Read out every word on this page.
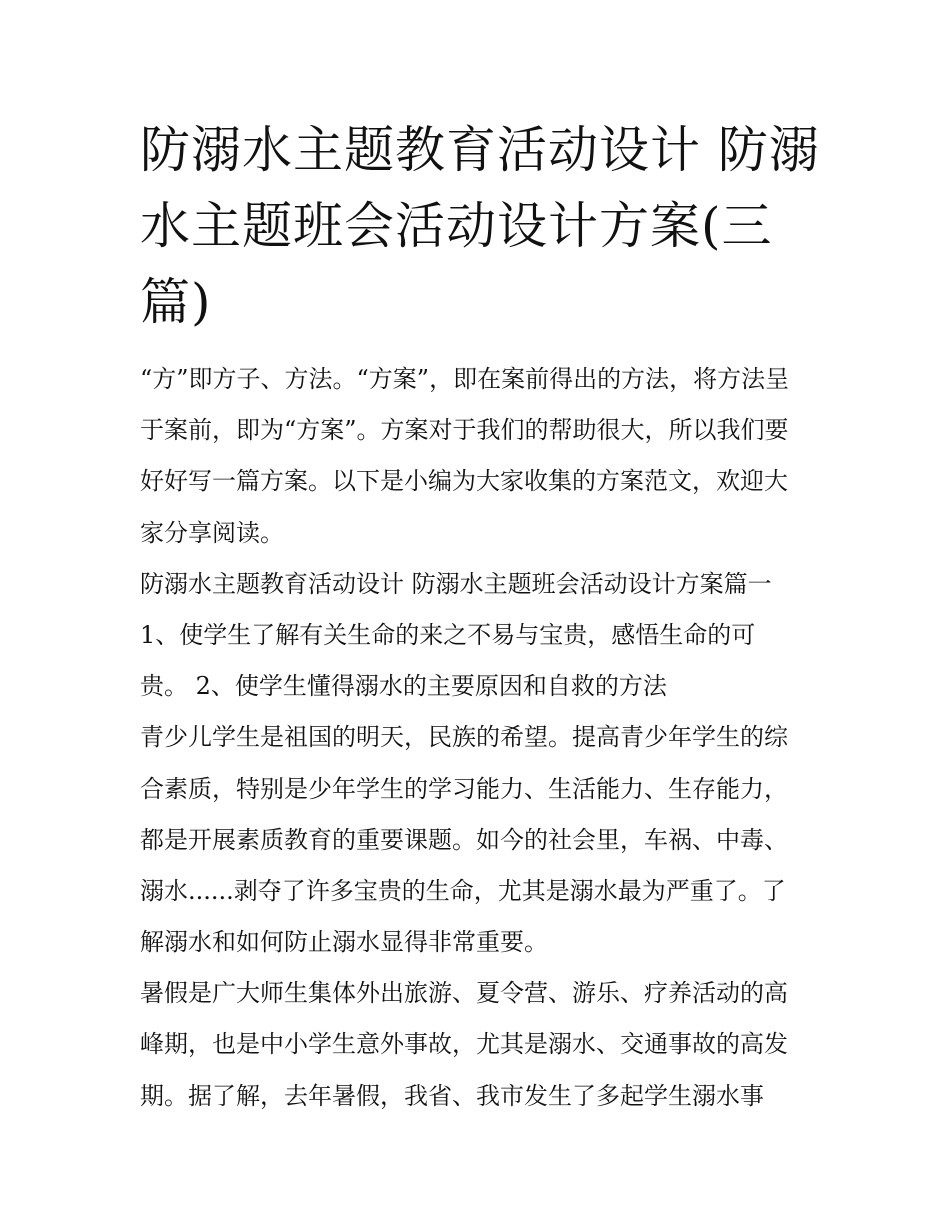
防溺水主题教育活动设计 防溺
水主题班会活动设计方案(三
篇)
“方”即方子、方法。“方案”，即在案前得出的方法，将方法呈
于案前，即为“方案”。方案对于我们的帮助很大，所以我们要
好好写一篇方案。以下是小编为大家收集的方案范文，欢迎大
家分享阅读。
防溺水主题教育活动设计 防溺水主题班会活动设计方案篇一
1、使学生了解有关生命的来之不易与宝贵，感悟生命的可
贵。 2、使学生懂得溺水的主要原因和自救的方法
青少儿学生是祖国的明天，民族的希望。提高青少年学生的综
合素质，特别是少年学生的学习能力、生活能力、生存能力，
都是开展素质教育的重要课题。如今的社会里，车祸、中毒、
溺水......剥夺了许多宝贵的生命，尤其是溺水最为严重了。了
解溺水和如何防止溺水显得非常重要。
暑假是广大师生集体外出旅游、夏令营、游乐、疗养活动的高
峰期，也是中小学生意外事故，尤其是溺水、交通事故的高发
期。据了解，去年暑假，我省、我市发生了多起学生溺水事
